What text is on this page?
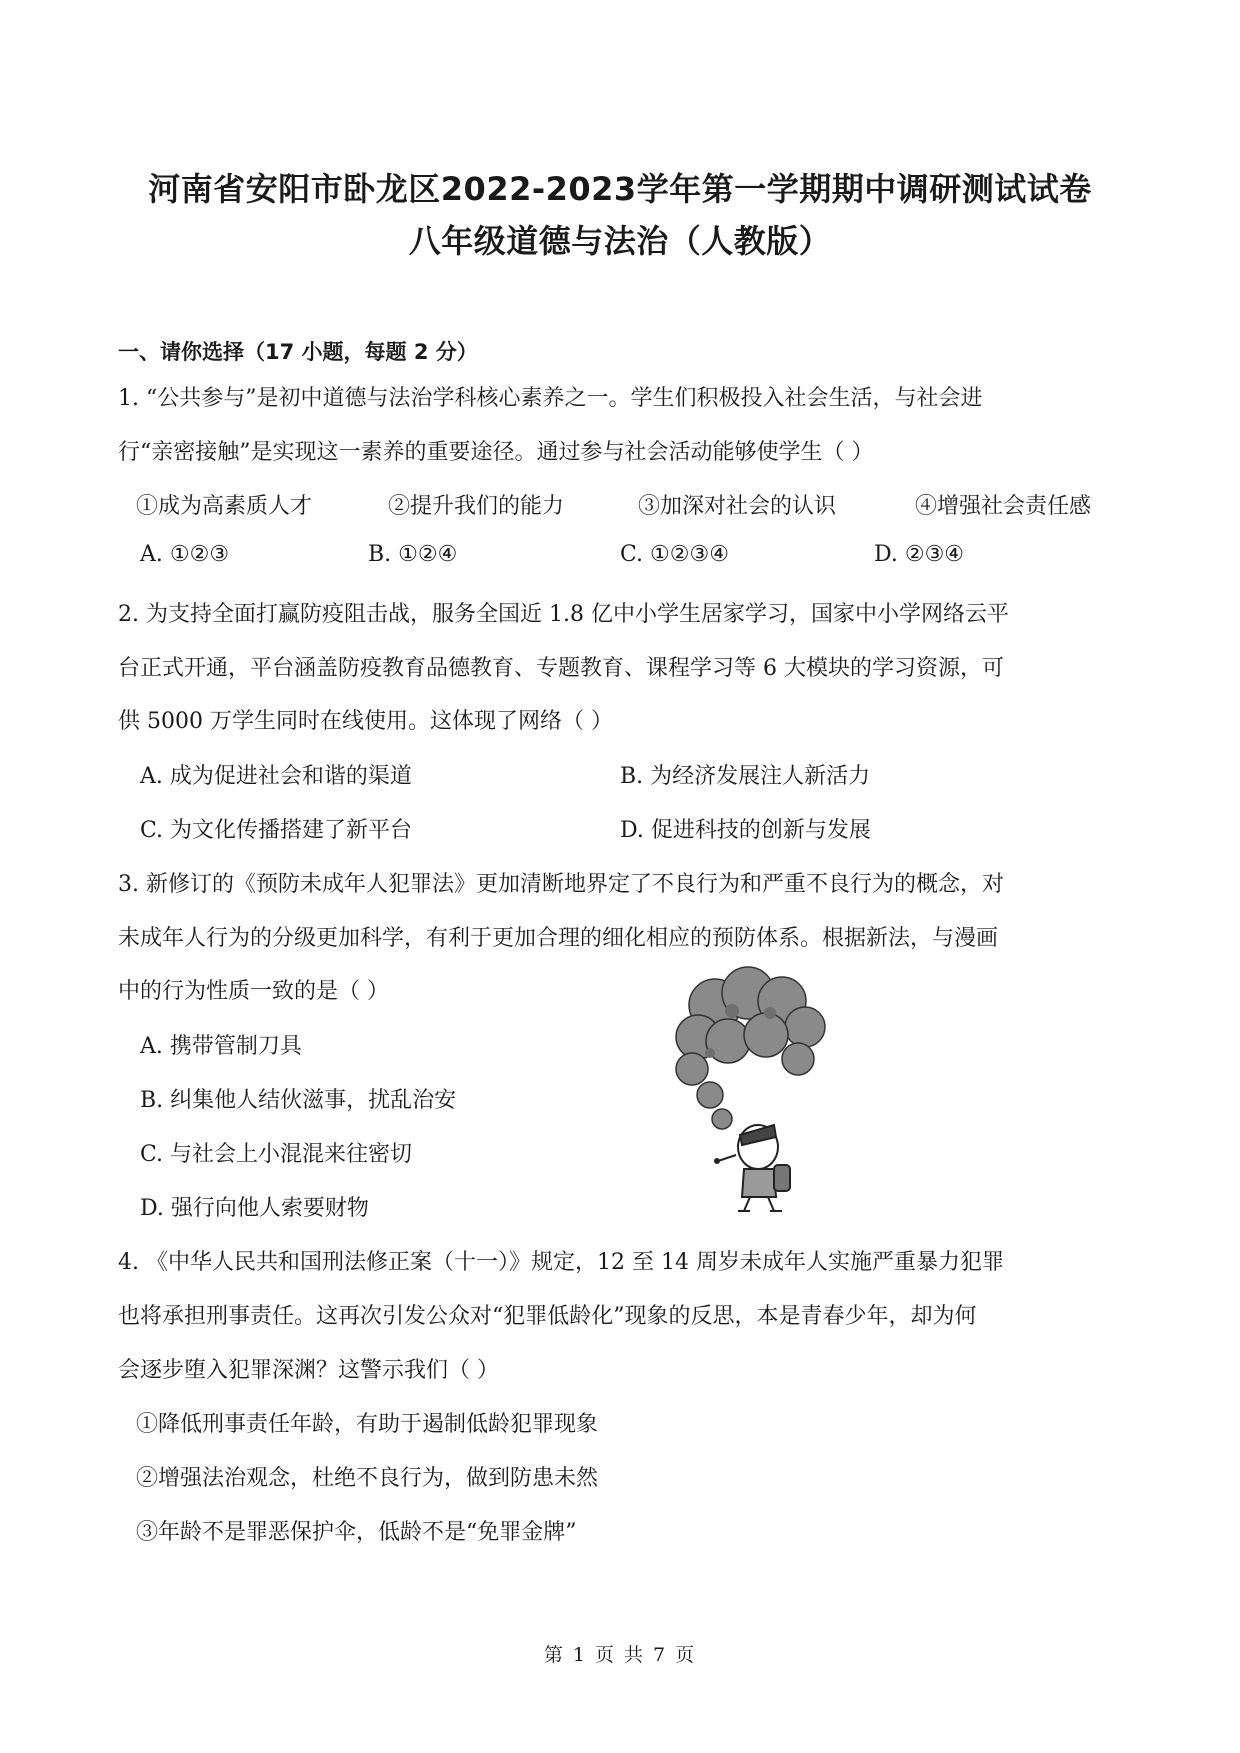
河南省安阳市卧龙区2022-2023学年第一学期期中调研测试试卷
八年级道德与法治（人教版）
一、请你选择（17 小题，每题 2 分）
1. “公共参与”是初中道德与法治学科核心素养之一。学生们积极投入社会生活，与社会进
行“亲密接触”是实现这一素养的重要途径。通过参与社会活动能够使学生（ ）
①成为高素质人才	②提升我们的能力	③加深对社会的认识	④增强社会责任感
A. ①②③	B. ①②④	C. ①②③④	D. ②③④
2. 为支持全面打赢防疫阻击战，服务全国近 1.8 亿中小学生居家学习，国家中小学网络云平
台正式开通，平台涵盖防疫教育品德教育、专题教育、课程学习等 6 大模块的学习资源，可
供 5000 万学生同时在线使用。这体现了网络（ ）
A. 成为促进社会和谐的渠道	B. 为经济发展注人新活力
C. 为文化传播搭建了新平台	D. 促进科技的创新与发展
3. 新修订的《预防未成年人犯罪法》更加清断地界定了不良行为和严重不良行为的概念，对
未成年人行为的分级更加科学，有利于更加合理的细化相应的预防体系。根据新法，与漫画
中的行为性质一致的是（ ）
A. 携带管制刀具
B. 纠集他人结伙滋事，扰乱治安
C. 与社会上小混混来往密切
D. 强行向他人索要财物
4. 《中华人民共和国刑法修正案（十一）》规定，12 至 14 周岁未成年人实施严重暴力犯罪
也将承担刑事责任。这再次引发公众对“犯罪低龄化”现象的反思，本是青春少年，却为何
会逐步堕入犯罪深渊？这警示我们（ ）
①降低刑事责任年龄，有助于遏制低龄犯罪现象
②增强法治观念，杜绝不良行为，做到防患未然
③年龄不是罪恶保护伞，低龄不是“免罪金牌”
第 1 页 共 7 页
